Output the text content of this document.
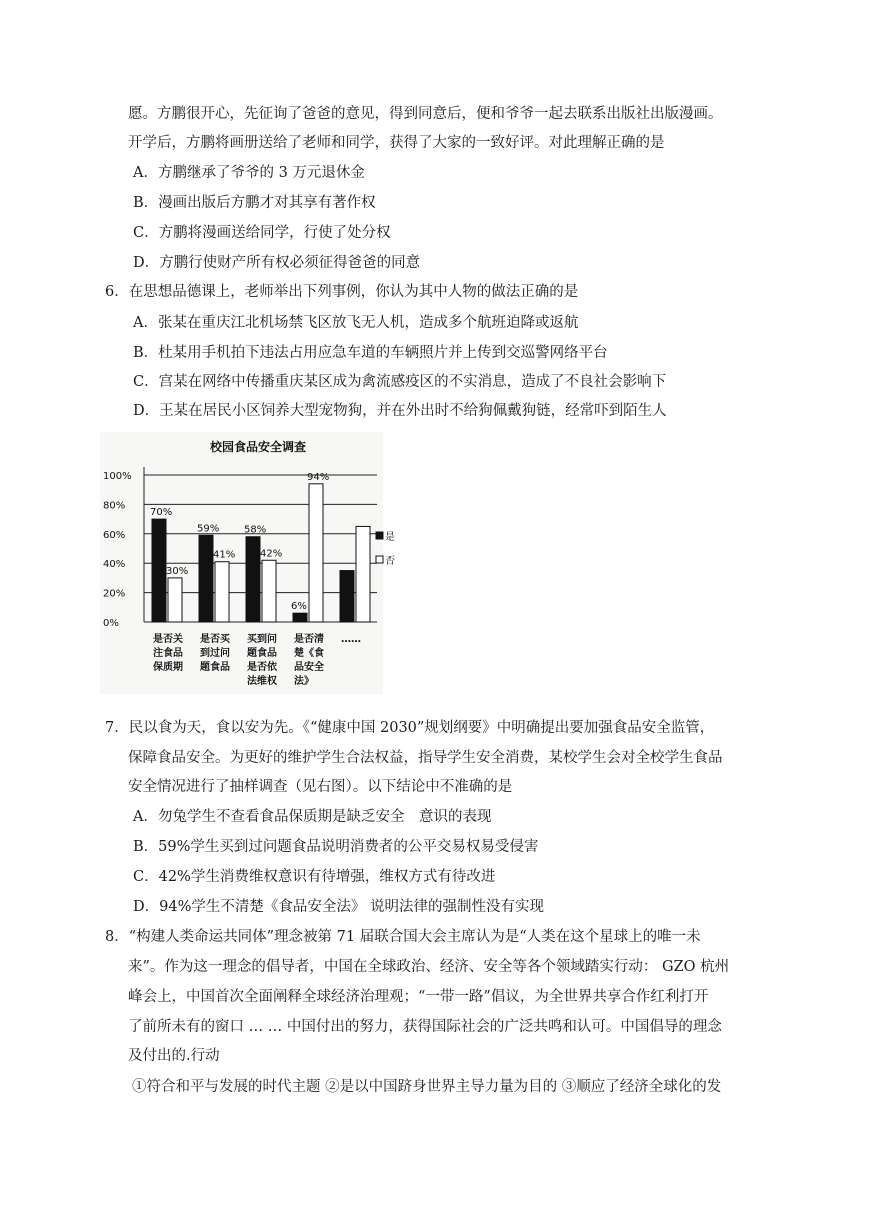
愿。方鹏很开心，先征询了爸爸的意见，得到同意后，便和爷爷一起去联系出版社出版漫画。
开学后，方鹏将画册送给了老师和同学，获得了大家的一致好评。对此理解正确的是
A．方鹏继承了爷爷的 3 万元退休金
B．漫画出版后方鹏才对其享有著作权
C．方鹏将漫画送给同学，行使了处分权
D．方鹏行使财产所有权必须征得爸爸的同意
6．在思想品德课上，老师举出下列事例，你认为其中人物的做法正确的是
A．张某在重庆江北机场禁飞区放飞无人机，造成多个航班迫降或返航
B．杜某用手机拍下违法占用应急车道的车辆照片并上传到交巡警网络平台
C．宫某在网络中传播重庆某区成为禽流感疫区的不实消息，造成了不良社会影响下
D．王某在居民小区饲养大型宠物狗，并在外出时不给狗佩戴狗链，经常吓到陌生人
校园食品安全调查
100%
80%
60%
40%
20%
0%
是否关
注食品
保质期
是否买
到过问
题食品
买到问
题食品
是否依
法维权
是否清
楚《食
品安全
法》
……
70%
30%
59%
41%
58%
42%
6%
94%
是
否
7．民以食为天，食以安为先。《“健康中国 2030”规划纲要》中明确提出要加强食品安全监管，
保障食品安全。为更好的维护学生合法权益，指导学生安全消费，某校学生会对全校学生食品
安全情况进行了抽样调查（见右图）。以下结论中不准确的是
A．勿兔学生不查看食品保质期是缺乏安全　意识的表现
B．59%学生买到过问题食品说明消费者的公平交易权易受侵害
C．42%学生消费维权意识有待增强，维权方式有待改进
D．94%学生不清楚《食品安全法》 说明法律的强制性没有实现
8．“构建人类命运共同体”理念被第 71 届联合国大会主席认为是“人类在这个星球上的唯一未
来”。作为这一理念的倡导者，中国在全球政治、经济、安全等各个领域踏实行动： GZO 杭州
峰会上，中国首次全面阐释全球经济治理观；“一带一路”倡议，为全世界共享合作红利打开
了前所未有的窗口 … … 中国付出的努力，获得国际社会的广泛共鸣和认可。中国倡导的理念
及付出的.行动
①符合和平与发展的时代主题 ②是以中国跻身世界主导力量为目的 ③顺应了经济全球化的发
